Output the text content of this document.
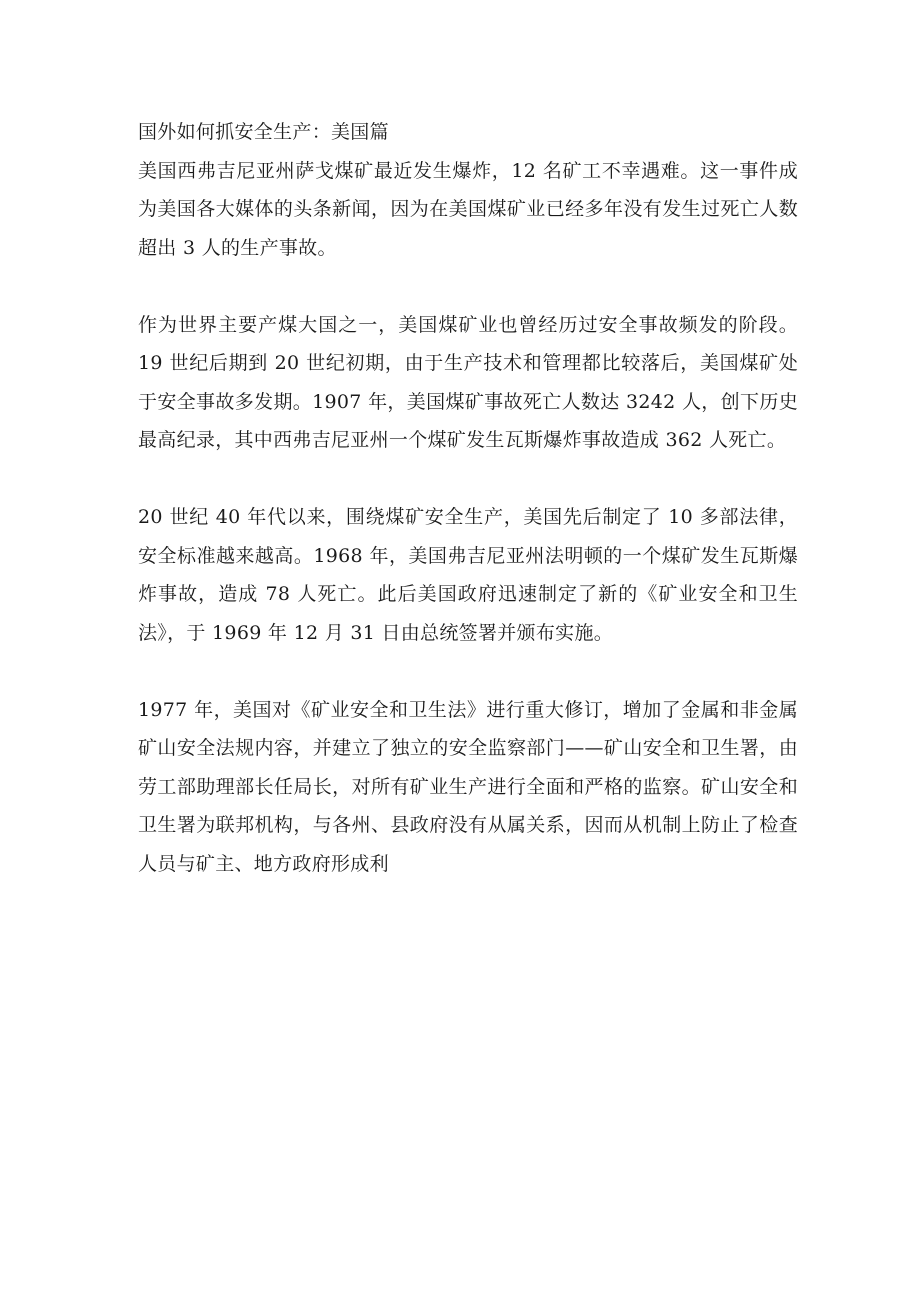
国外如何抓安全生产：美国篇

美国西弗吉尼亚州萨戈煤矿最近发生爆炸，12 名矿工不幸遇难。这一事件成为美国各大媒体的头条新闻，因为在美国煤矿业已经多年没有发生过死亡人数超出 3 人的生产事故。

作为世界主要产煤大国之一，美国煤矿业也曾经历过安全事故频发的阶段。19 世纪后期到 20 世纪初期，由于生产技术和管理都比较落后，美国煤矿处于安全事故多发期。1907 年，美国煤矿事故死亡人数达 3242 人，创下历史最高纪录，其中西弗吉尼亚州一个煤矿发生瓦斯爆炸事故造成 362 人死亡。

20 世纪 40 年代以来，围绕煤矿安全生产，美国先后制定了 10 多部法律，安全标准越来越高。1968 年，美国弗吉尼亚州法明顿的一个煤矿发生瓦斯爆炸事故，造成 78 人死亡。此后美国政府迅速制定了新的《矿业安全和卫生法》，于 1969 年 12 月 31 日由总统签署并颁布实施。

1977 年，美国对《矿业安全和卫生法》进行重大修订，增加了金属和非金属矿山安全法规内容，并建立了独立的安全监察部门——矿山安全和卫生署，由劳工部助理部长任局长，对所有矿业生产进行全面和严格的监察。矿山安全和卫生署为联邦机构，与各州、县政府没有从属关系，因而从机制上防止了检查人员与矿主、地方政府形成利
